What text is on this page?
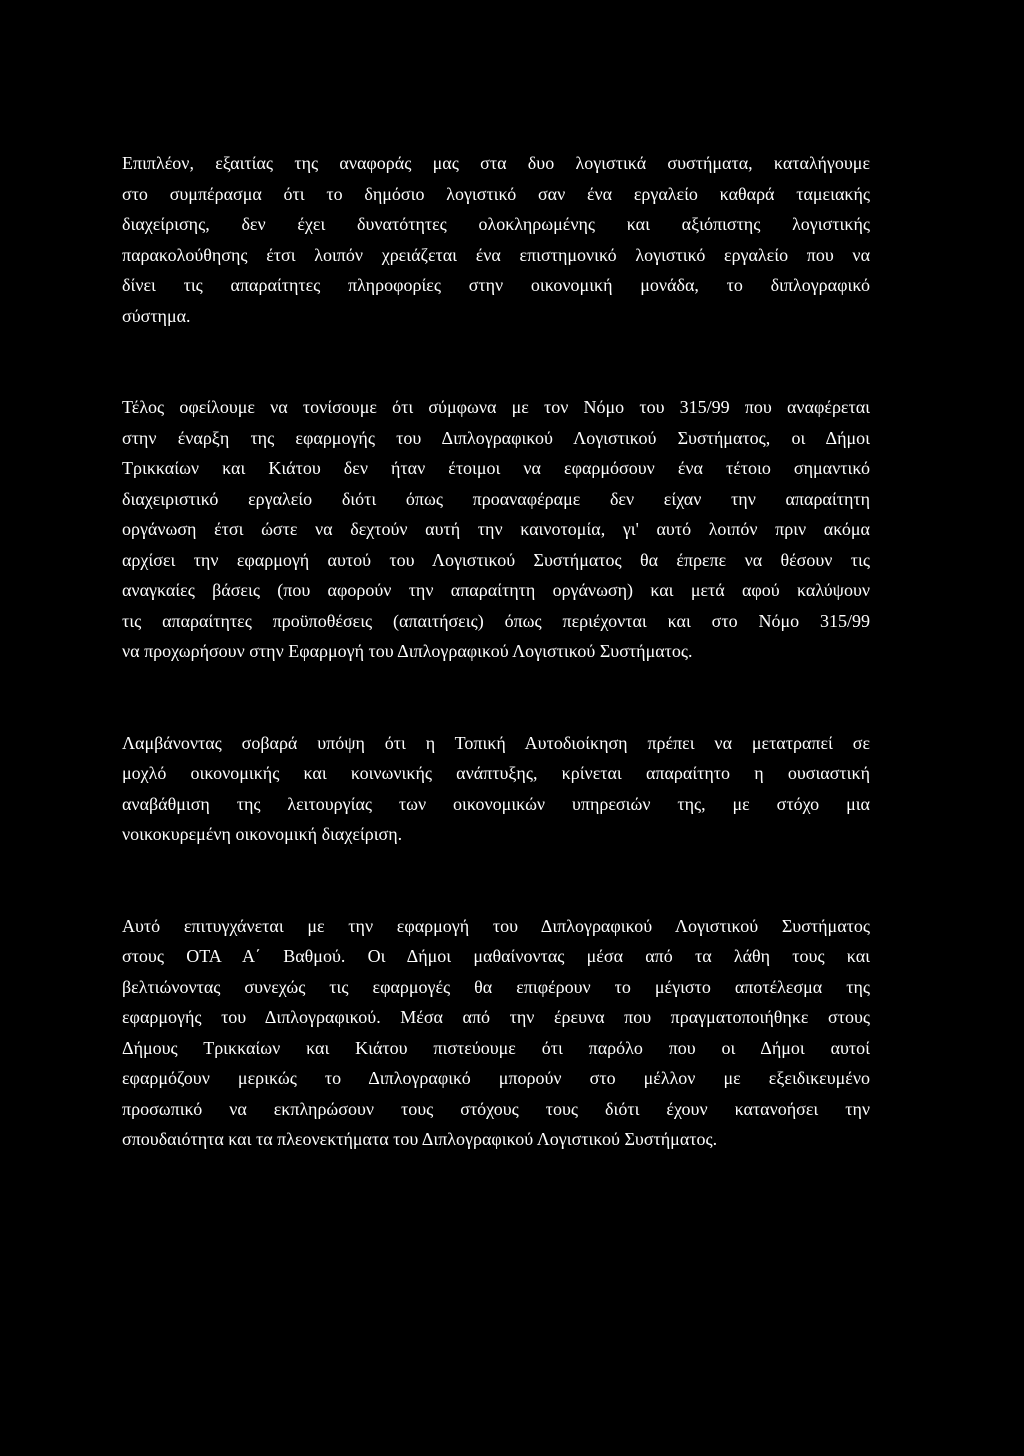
Επιπλέον, εξαιτίας της αναφοράς μας στα δυο λογιστικά συστήματα, καταλήγουμε
στο συμπέρασμα ότι το δημόσιο λογιστικό σαν ένα εργαλείο καθαρά ταμειακής
διαχείρισης, δεν έχει δυνατότητες ολοκληρωμένης και αξιόπιστης λογιστικής
παρακολούθησης έτσι λοιπόν χρειάζεται ένα επιστημονικό λογιστικό εργαλείο που να
δίνει τις απαραίτητες πληροφορίες στην οικονομική μονάδα, το διπλογραφικό
σύστημα.

Τέλος οφείλουμε να τονίσουμε ότι σύμφωνα με τον Νόμο του 315/99 που αναφέρεται
στην έναρξη της εφαρμογής του Διπλογραφικού Λογιστικού Συστήματος, οι Δήμοι
Τρικκαίων και Κιάτου δεν ήταν έτοιμοι να εφαρμόσουν ένα τέτοιο σημαντικό
διαχειριστικό εργαλείο διότι όπως προαναφέραμε δεν είχαν την απαραίτητη
οργάνωση έτσι ώστε να δεχτούν αυτή την καινοτομία, γι' αυτό λοιπόν πριν ακόμα
αρχίσει την εφαρμογή αυτού του Λογιστικού Συστήματος θα έπρεπε να θέσουν τις
αναγκαίες βάσεις (που αφορούν την απαραίτητη οργάνωση) και μετά αφού καλύψουν
τις απαραίτητες προϋποθέσεις (απαιτήσεις) όπως περιέχονται και στο Νόμο 315/99
να προχωρήσουν στην Εφαρμογή του Διπλογραφικού Λογιστικού Συστήματος.

Λαμβάνοντας σοβαρά υπόψη ότι η Τοπική Αυτοδιοίκηση πρέπει να μετατραπεί σε
μοχλό οικονομικής και κοινωνικής ανάπτυξης, κρίνεται απαραίτητο η ουσιαστική
αναβάθμιση της λειτουργίας των οικονομικών υπηρεσιών της, με στόχο μια
νοικοκυρεμένη οικονομική διαχείριση.

Αυτό επιτυγχάνεται με την εφαρμογή του Διπλογραφικού Λογιστικού Συστήματος
στους ΟΤΑ Α΄ Βαθμού. Οι Δήμοι μαθαίνοντας μέσα από τα λάθη τους και
βελτιώνοντας συνεχώς τις εφαρμογές θα επιφέρουν το μέγιστο αποτέλεσμα της
εφαρμογής του Διπλογραφικού. Μέσα από την έρευνα που πραγματοποιήθηκε στους
Δήμους Τρικκαίων και Κιάτου πιστεύουμε ότι παρόλο που οι Δήμοι αυτοί
εφαρμόζουν μερικώς το Διπλογραφικό μπορούν στο μέλλον με εξειδικευμένο
προσωπικό να εκπληρώσουν τους στόχους τους διότι έχουν κατανοήσει την
σπουδαιότητα και τα πλεονεκτήματα του Διπλογραφικού Λογιστικού Συστήματος.
